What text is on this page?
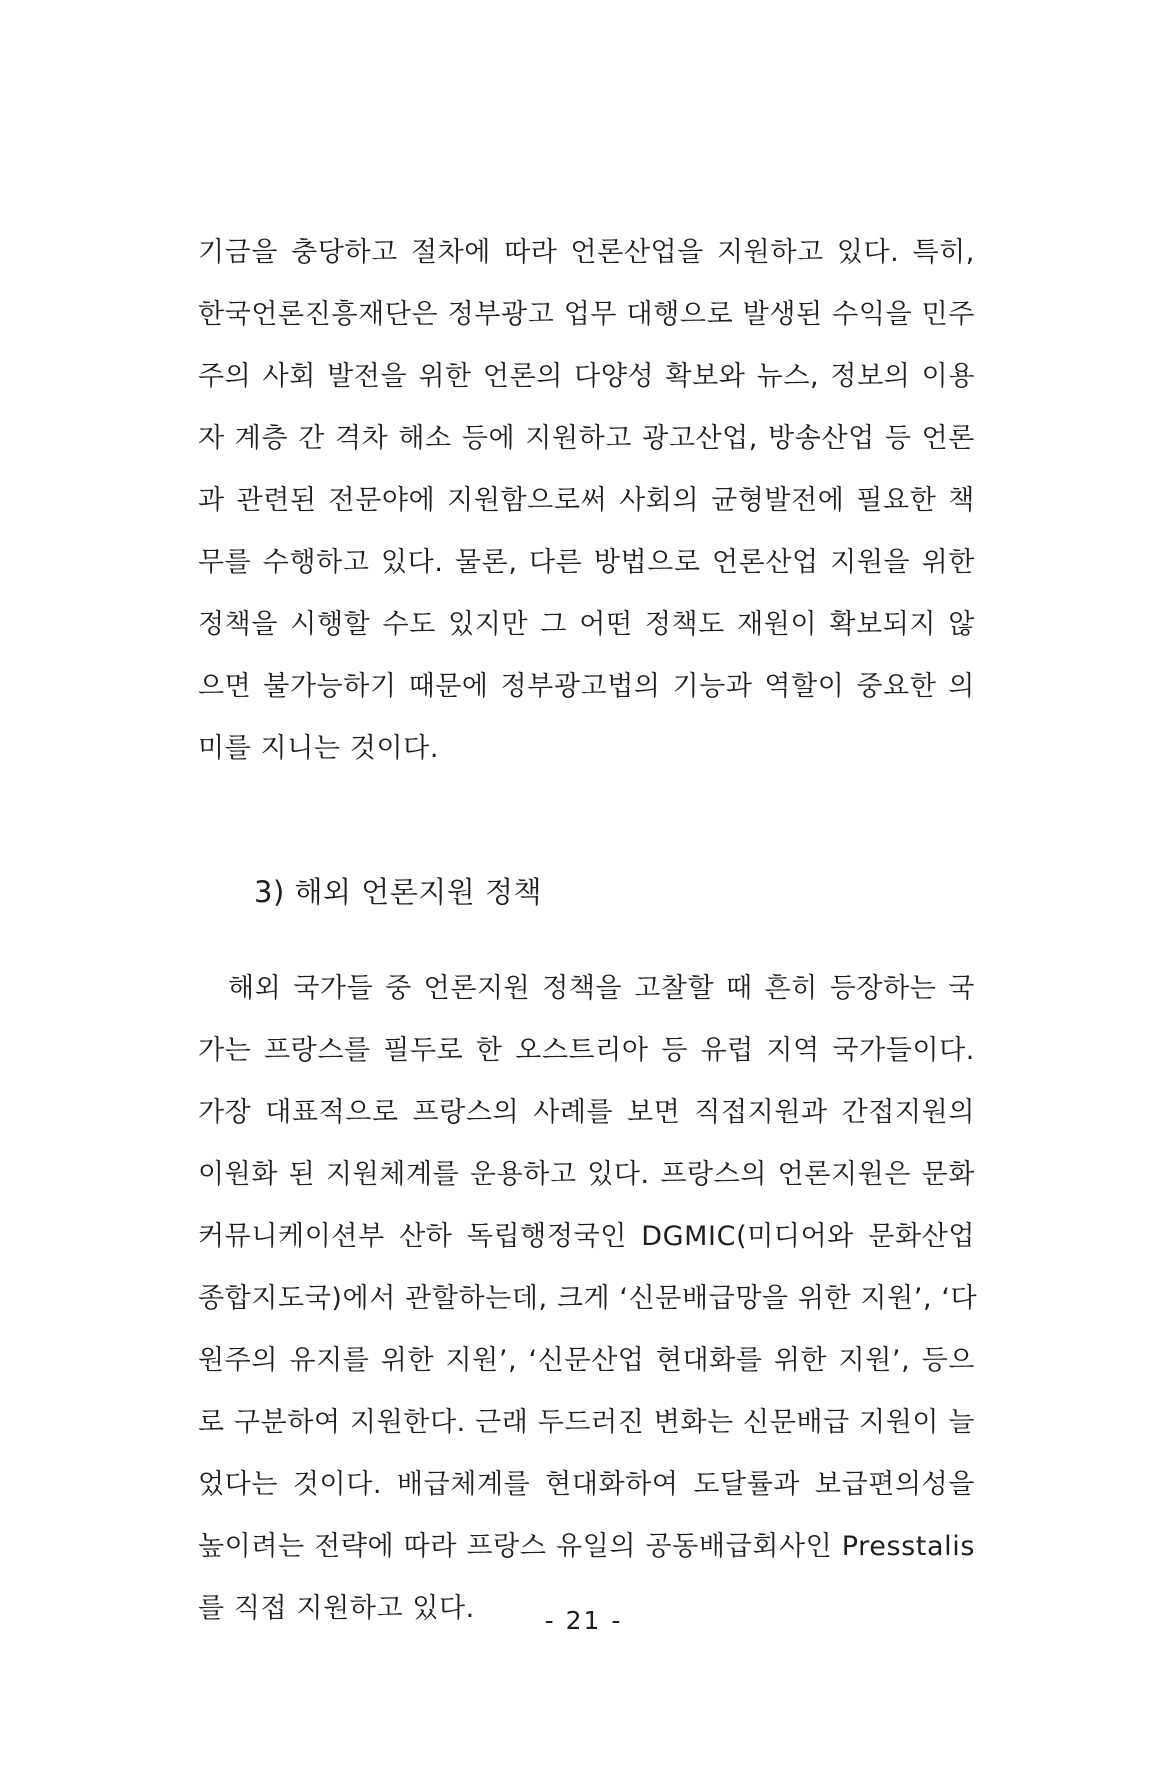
기금을 충당하고 절차에 따라 언론산업을 지원하고 있다. 특히,
한국언론진흥재단은 정부광고 업무 대행으로 발생된 수익을 민주
주의 사회 발전을 위한 언론의 다양성 확보와 뉴스, 정보의 이용
자 계층 간 격차 해소 등에 지원하고 광고산업, 방송산업 등 언론
과 관련된 전문야에 지원함으로써 사회의 균형발전에 필요한 책
무를 수행하고 있다. 물론, 다른 방법으로 언론산업 지원을 위한
정책을 시행할 수도 있지만 그 어떤 정책도 재원이 확보되지 않
으면 불가능하기 때문에 정부광고법의 기능과 역할이 중요한 의
미를 지니는 것이다.
3) 해외 언론지원 정책
해외 국가들 중 언론지원 정책을 고찰할 때 흔히 등장하는 국
가는 프랑스를 필두로 한 오스트리아 등 유럽 지역 국가들이다.
가장 대표적으로 프랑스의 사례를 보면 직접지원과 간접지원의
이원화 된 지원체계를 운용하고 있다. 프랑스의 언론지원은 문화
커뮤니케이션부 산하 독립행정국인 DGMIC(미디어와 문화산업
종합지도국)에서 관할하는데, 크게 ‘신문배급망을 위한 지원’, ‘다
원주의 유지를 위한 지원’, ‘신문산업 현대화를 위한 지원’, 등으
로 구분하여 지원한다. 근래 두드러진 변화는 신문배급 지원이 늘
었다는 것이다. 배급체계를 현대화하여 도달률과 보급편의성을
높이려는 전략에 따라 프랑스 유일의 공동배급회사인 Presstalis
를 직접 지원하고 있다.	- 21 -
